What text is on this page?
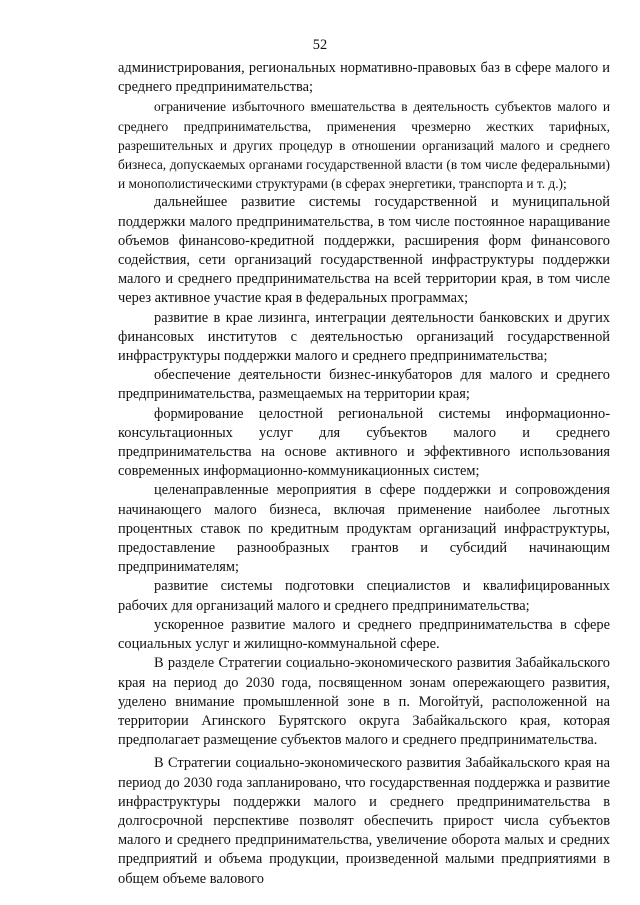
52

администрирования, региональных нормативно-правовых баз в сфере малого и среднего предпринимательства;

ограничение избыточного вмешательства в деятельность субъектов малого и среднего предпринимательства, применения чрезмерно жестких тарифных, разрешительных и других процедур в отношении организаций малого и среднего бизнеса, допускаемых органами государственной власти (в том числе федеральными) и монополистическими структурами (в сферах энергетики, транспорта и т. д.);

дальнейшее развитие системы государственной и муниципальной поддержки малого предпринимательства, в том числе постоянное наращивание объемов финансово-кредитной поддержки, расширения форм финансового содействия, сети организаций государственной инфраструктуры поддержки малого и среднего предпринимательства на всей территории края, в том числе через активное участие края в федеральных программах;

развитие в крае лизинга, интеграции деятельности банковских и других финансовых институтов с деятельностью организаций государственной инфраструктуры поддержки малого и среднего предпринимательства;

обеспечение деятельности бизнес-инкубаторов для малого и среднего предпринимательства, размещаемых на территории края;

формирование целостной региональной системы информационно-консультационных услуг для субъектов малого и среднего предпринимательства на основе активного и эффективного использования современных информационно-коммуникационных систем;

целенаправленные мероприятия в сфере поддержки и сопровождения начинающего малого бизнеса, включая применение наиболее льготных процентных ставок по кредитным продуктам организаций инфраструктуры, предоставление разнообразных грантов и субсидий начинающим предпринимателям;

развитие системы подготовки специалистов и квалифицированных рабочих для организаций малого и среднего предпринимательства;

ускоренное развитие малого и среднего предпринимательства в сфере социальных услуг и жилищно-коммунальной сфере.

В разделе Стратегии социально-экономического развития Забайкальского края на период до 2030 года, посвященном зонам опережающего развития, уделено внимание промышленной зоне в п. Могойтуй, расположенной на территории Агинского Бурятского округа Забайкальского края, которая предполагает размещение субъектов малого и среднего предпринимательства.

В Стратегии социально-экономического развития Забайкальского края на период до 2030 года запланировано, что государственная поддержка и развитие инфраструктуры поддержки малого и среднего предпринимательства в долгосрочной перспективе позволят обеспечить прирост числа субъектов малого и среднего предпринимательства, увеличение оборота малых и средних предприятий и объема продукции, произведенной малыми предприятиями в общем объеме валового
